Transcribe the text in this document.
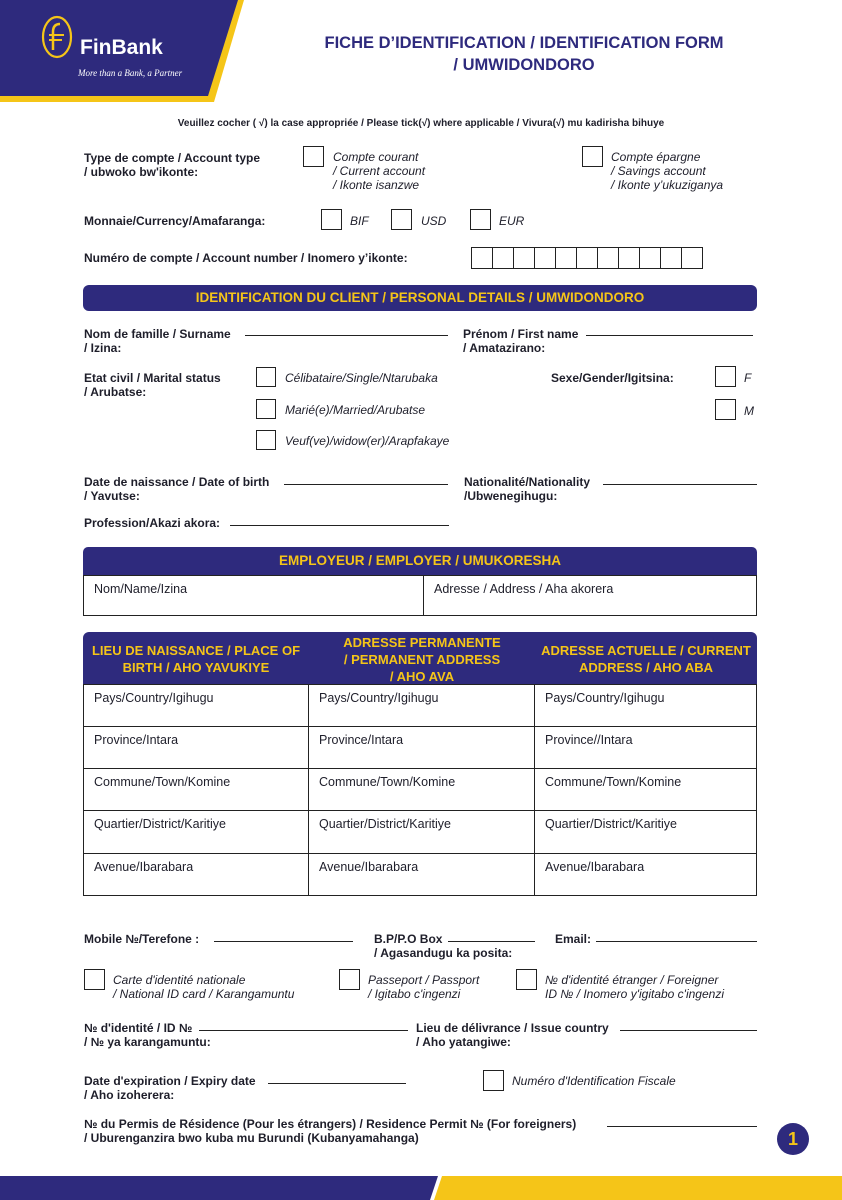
FinBank
More than a Bank, a Partner
FICHE D’IDENTIFICATION / IDENTIFICATION FORM
/ UMWIDONDORO
Veuillez cocher ( √) la case appropriée / Please tick(√) where applicable / Vivura(√) mu kadirisha bihuye
Type de compte / Account type
/ ubwoko bw'ikonte:
Compte courant
/ Current account
/ Ikonte isanzwe
Compte épargne
/ Savings account
/ Ikonte y’ukuziganya
Monnaie/Currency/Amafaranga:	BIF	USD	EUR
Numéro de compte / Account number / Inomero y’ikonte:
IDENTIFICATION DU CLIENT / PERSONAL DETAILS / UMWIDONDORO
Nom de famille / Surname
/ Izina:
Prénom / First name
/ Amatazirano:
Etat civil / Marital status
/ Arubatse:
Célibataire/Single/Ntarubaka
Marié(e)/Married/Arubatse
Veuf(ve)/widow(er)/Arapfakaye
Sexe/Gender/Igitsina:	F
M
Date de naissance / Date of birth
/ Yavutse:
Nationalité/Nationality
/Ubwenegihugu:
Profession/Akazi akora:
EMPLOYEUR / EMPLOYER / UMUKORESHA
Nom/Name/Izina	Adresse / Address / Aha akorera
LIEU DE NAISSANCE / PLACE OF
BIRTH / AHO YAVUKIYE
ADRESSE PERMANENTE
/ PERMANENT ADDRESS
/ AHO AVA
ADRESSE ACTUELLE / CURRENT
ADDRESS / AHO ABA
Pays/Country/Igihugu	Pays/Country/Igihugu	Pays/Country/Igihugu
Province/Intara	Province/Intara	Province//Intara
Commune/Town/Komine	Commune/Town/Komine	Commune/Town/Komine
Quartier/District/Karitiye	Quartier/District/Karitiye	Quartier/District/Karitiye
Avenue/Ibarabara	Avenue/Ibarabara	Avenue/Ibarabara
Mobile №/Terefone :	B.P/P.O Box
/ Agasandugu ka posita:
Email:
Carte d'identité nationale
/ National ID card / Karangamuntu
Passeport / Passport
/ Igitabo c'ingenzi
№ d'identité étranger / Foreigner
ID № / Inomero y'igitabo c'ingenzi
№ d'identité / ID №
/ № ya karangamuntu:
Lieu de délivrance / Issue country
/ Aho yatangiwe:
Date d'expiration / Expiry date
/ Aho izoherera:
Numéro d'Identification Fiscale
№ du Permis de Résidence (Pour les étrangers) / Residence Permit № (For foreigners)
/ Uburenganzira bwo kuba mu Burundi (Kubanyamahanga)	1
